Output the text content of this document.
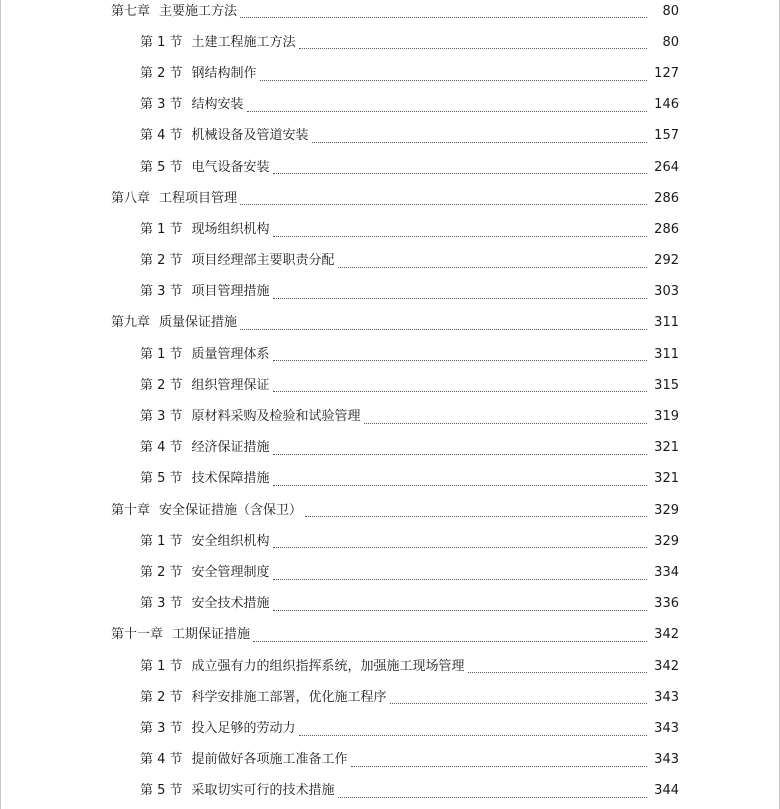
第七章 主要施工方法	80
第 1 节 土建工程施工方法	80
第 2 节 钢结构制作	127
第 3 节 结构安装	146
第 4 节 机械设备及管道安装	157
第 5 节 电气设备安装	264
第八章 工程项目管理	286
第 1 节 现场组织机构	286
第 2 节 项目经理部主要职责分配	292
第 3 节 项目管理措施	303
第九章 质量保证措施	311
第 1 节 质量管理体系	311
第 2 节 组织管理保证	315
第 3 节 原材料采购及检验和试验管理	319
第 4 节 经济保证措施	321
第 5 节 技术保障措施	321
第十章 安全保证措施（含保卫）	329
第 1 节 安全组织机构	329
第 2 节 安全管理制度	334
第 3 节 安全技术措施	336
第十一章 工期保证措施	342
第 1 节 成立强有力的组织指挥系统，加强施工现场管理	342
第 2 节 科学安排施工部署，优化施工程序	343
第 3 节 投入足够的劳动力	343
第 4 节 提前做好各项施工准备工作	343
第 5 节 采取切实可行的技术措施	344
